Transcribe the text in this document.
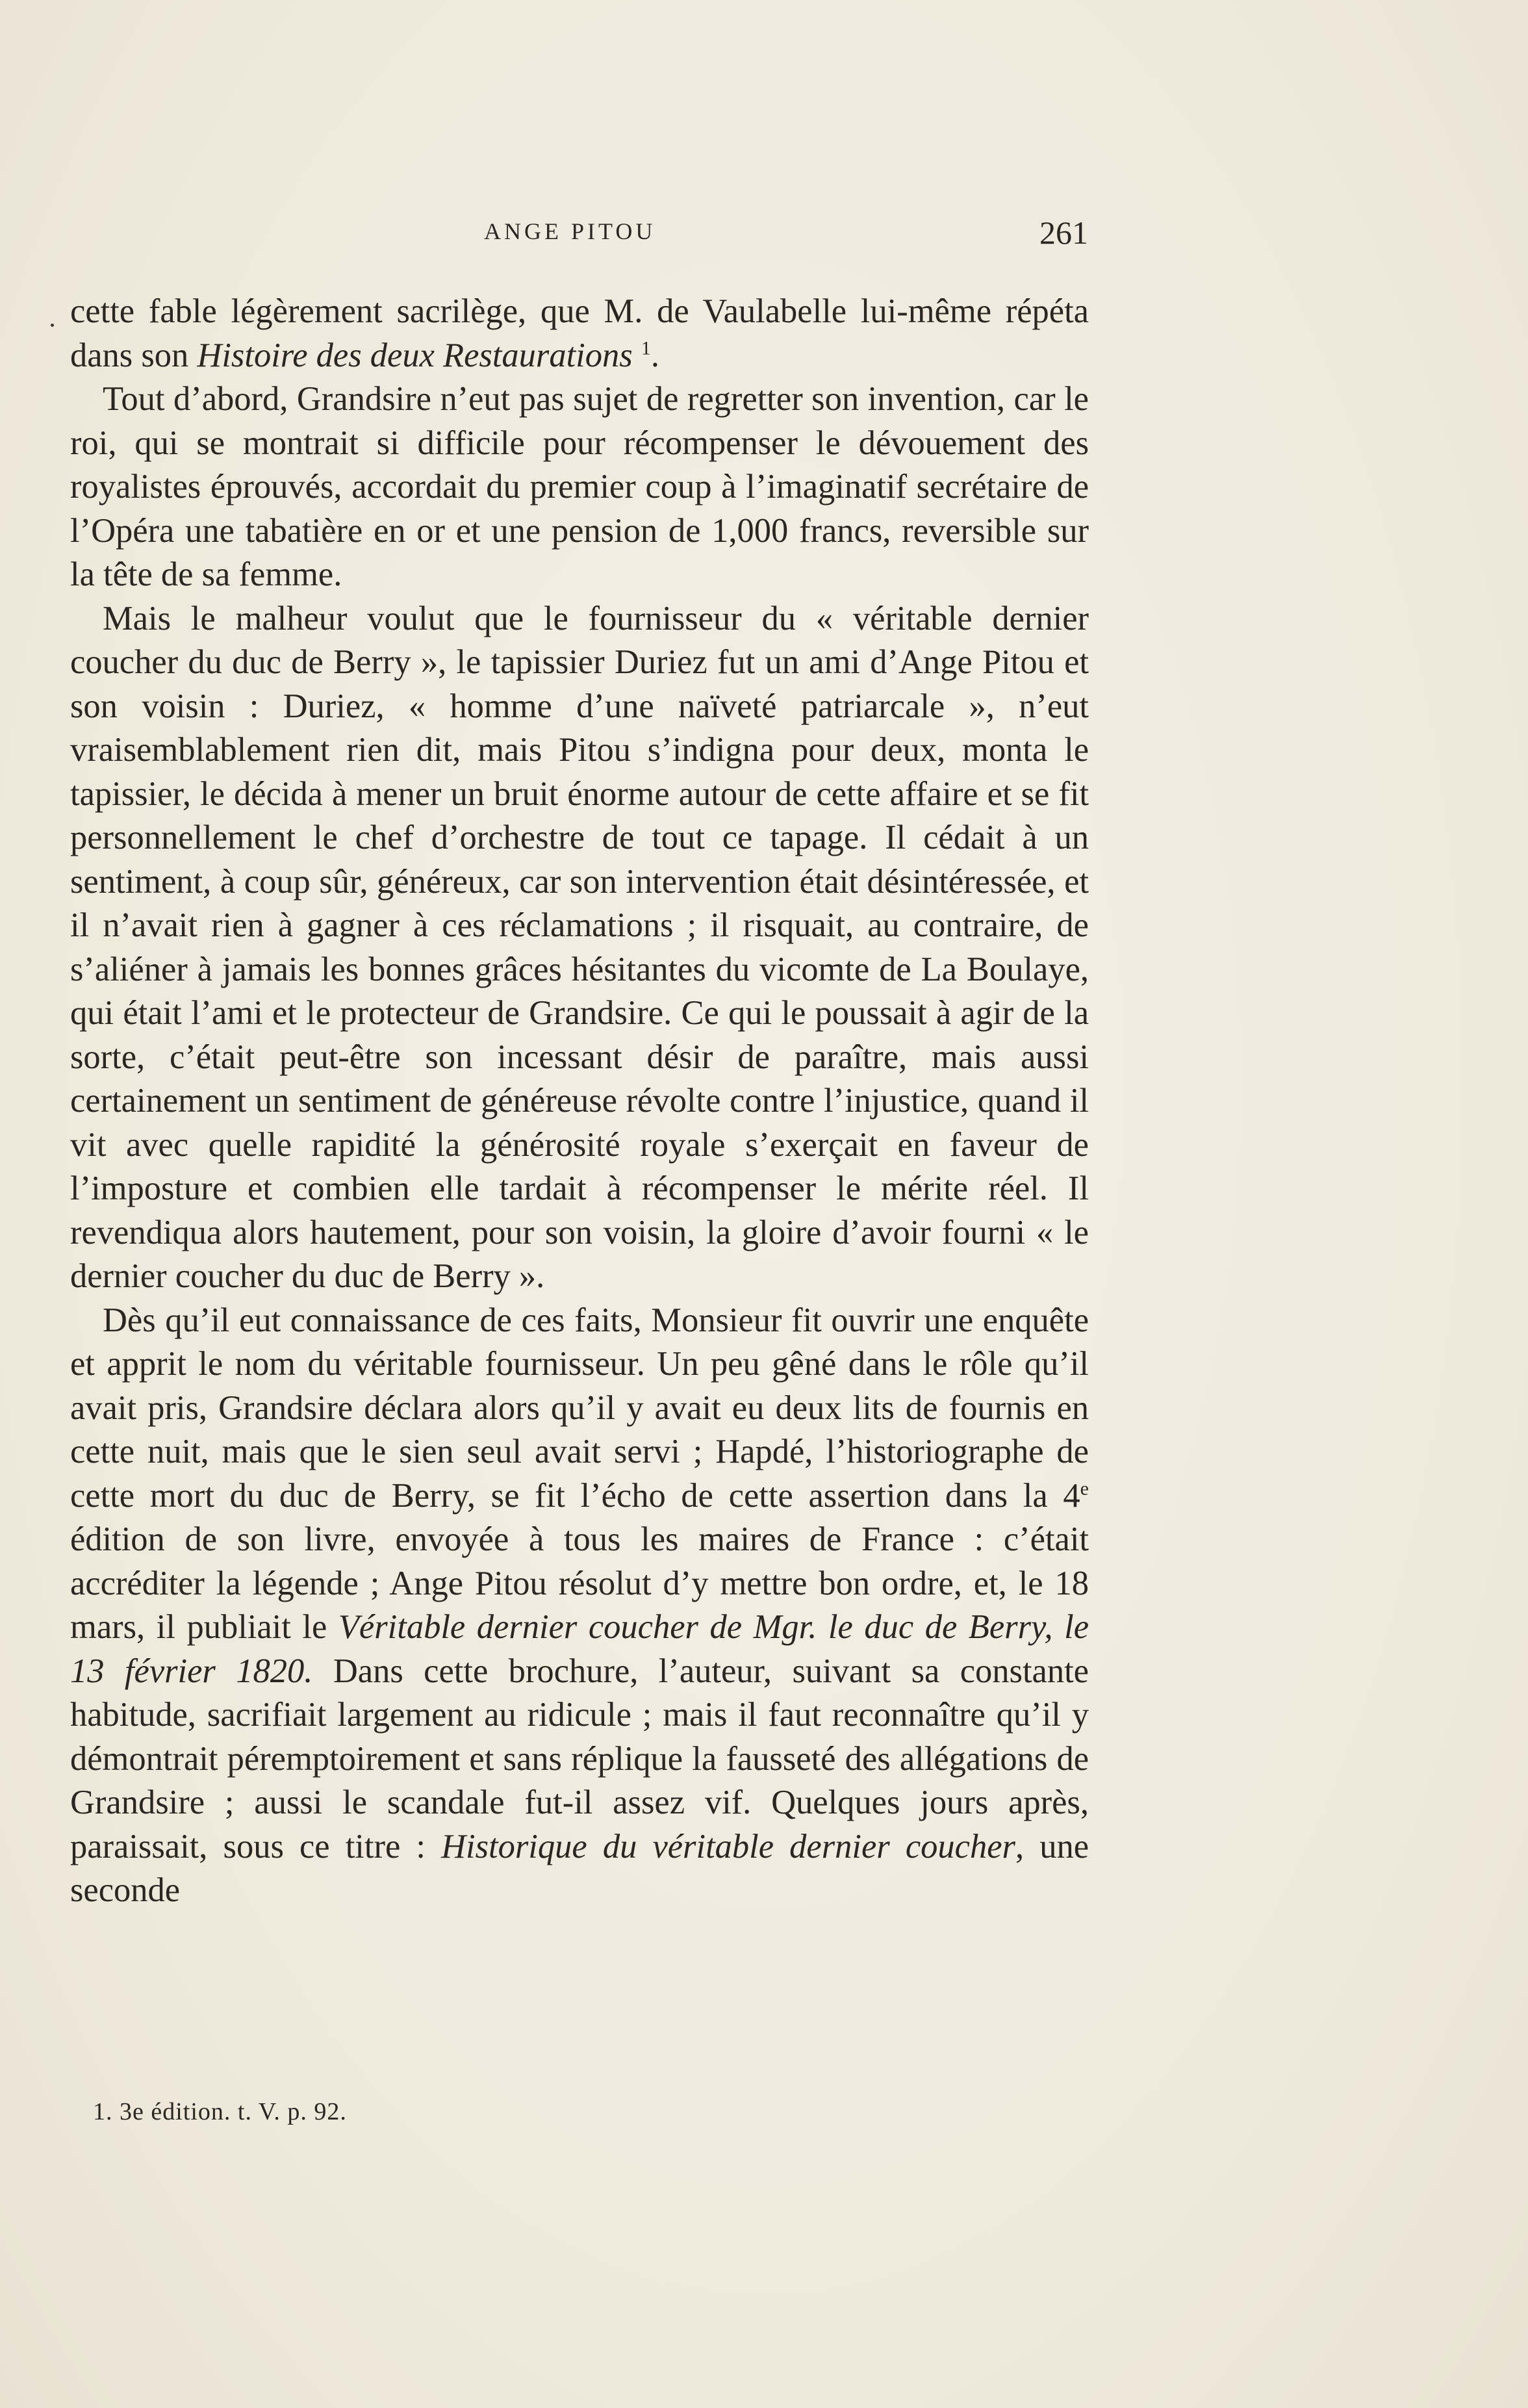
ANGE PITOU	261

cette fable légèrement sacrilège, que M. de Vaulabelle lui-même répéta dans son Histoire des deux Restaurations $^1$.

Tout d’abord, Grandsire n’eut pas sujet de regretter son invention, car le roi, qui se montrait si difficile pour récompenser le dévouement des royalistes éprouvés, accordait du premier coup à l’imaginatif secrétaire de l’Opéra une tabatière en or et une pension de 1,000 francs, reversible sur la tête de sa femme.

Mais le malheur voulut que le fournisseur du « véritable dernier coucher du duc de Berry », le tapissier Duriez fut un ami d’Ange Pitou et son voisin : Duriez, « homme d’une naïveté patriarcale », n’eut vraisemblablement rien dit, mais Pitou s’indigna pour deux, monta le tapissier, le décida à mener un bruit énorme autour de cette affaire et se fit personnellement le chef d’orchestre de tout ce tapage. Il cédait à un sentiment, à coup sûr, généreux, car son intervention était désintéressée, et il n’avait rien à gagner à ces réclamations ; il risquait, au contraire, de s’aliéner à jamais les bonnes grâces hésitantes du vicomte de La Boulaye, qui était l’ami et le protecteur de Grandsire. Ce qui le poussait à agir de la sorte, c’était peut-être son incessant désir de paraître, mais aussi certainement un sentiment de généreuse révolte contre l’injustice, quand il vit avec quelle rapidité la générosité royale s’exerçait en faveur de l’imposture et combien elle tardait à récompenser le mérite réel. Il revendiqua alors hautement, pour son voisin, la gloire d’avoir fourni « le dernier coucher du duc de Berry ».

Dès qu’il eut connaissance de ces faits, Monsieur fit ouvrir une enquête et apprit le nom du véritable fournisseur. Un peu gêné dans le rôle qu’il avait pris, Grandsire déclara alors qu’il y avait eu deux lits de fournis en cette nuit, mais que le sien seul avait servi ; Hapdé, l’historiographe de cette mort du duc de Berry, se fit l’écho de cette assertion dans la 4e édition de son livre, envoyée à tous les maires de France : c’était accréditer la légende ; Ange Pitou résolut d’y mettre bon ordre, et, le 18 mars, il publiait le Véritable dernier coucher de Mgr. le duc de Berry, le 13 février 1820. Dans cette brochure, l’auteur, suivant sa constante habitude, sacrifiait largement au ridicule ; mais il faut reconnaître qu’il y démontrait péremptoirement et sans réplique la fausseté des allégations de Grandsire ; aussi le scandale fut-il assez vif. Quelques jours après, paraissait, sous ce titre : Historique du véritable dernier coucher, une seconde

1. 3e édition. t. V. p. 92.
